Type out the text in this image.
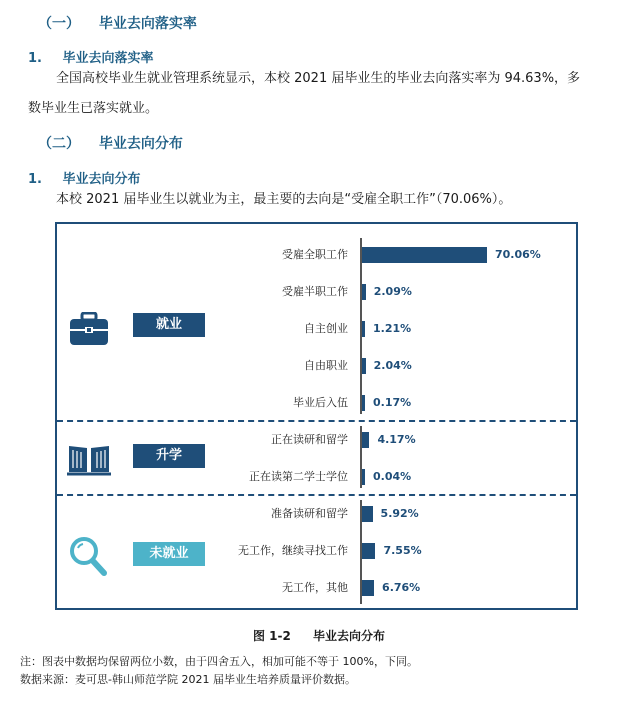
（一） 毕业去向落实率
1. 毕业去向落实率
全国高校毕业生就业管理系统显示，本校 2021 届毕业生的毕业去向落实率为 94.63%，多
数毕业生已落实就业。
（二） 毕业去向分布
1. 毕业去向分布
本校 2021 届毕业生以就业为主，最主要的去向是“受雇全职工作”（70.06%）。
就业
升学
未就业
受雇全职工作	70.06%
受雇半职工作 2.09%
自主创业 1.21%
自由职业 2.04%
毕业后入伍 0.17%
正在读研和留学	4.17%
正在读第二学士学位 0.04%
准备读研和留学	5.92%
无工作，继续寻找工作	7.55%
无工作，其他	6.76%
图 1-2 毕业去向分布
注：图表中数据均保留两位小数，由于四舍五入，相加可能不等于 100%，下同。
数据来源：麦可思-韩山师范学院 2021 届毕业生培养质量评价数据。
